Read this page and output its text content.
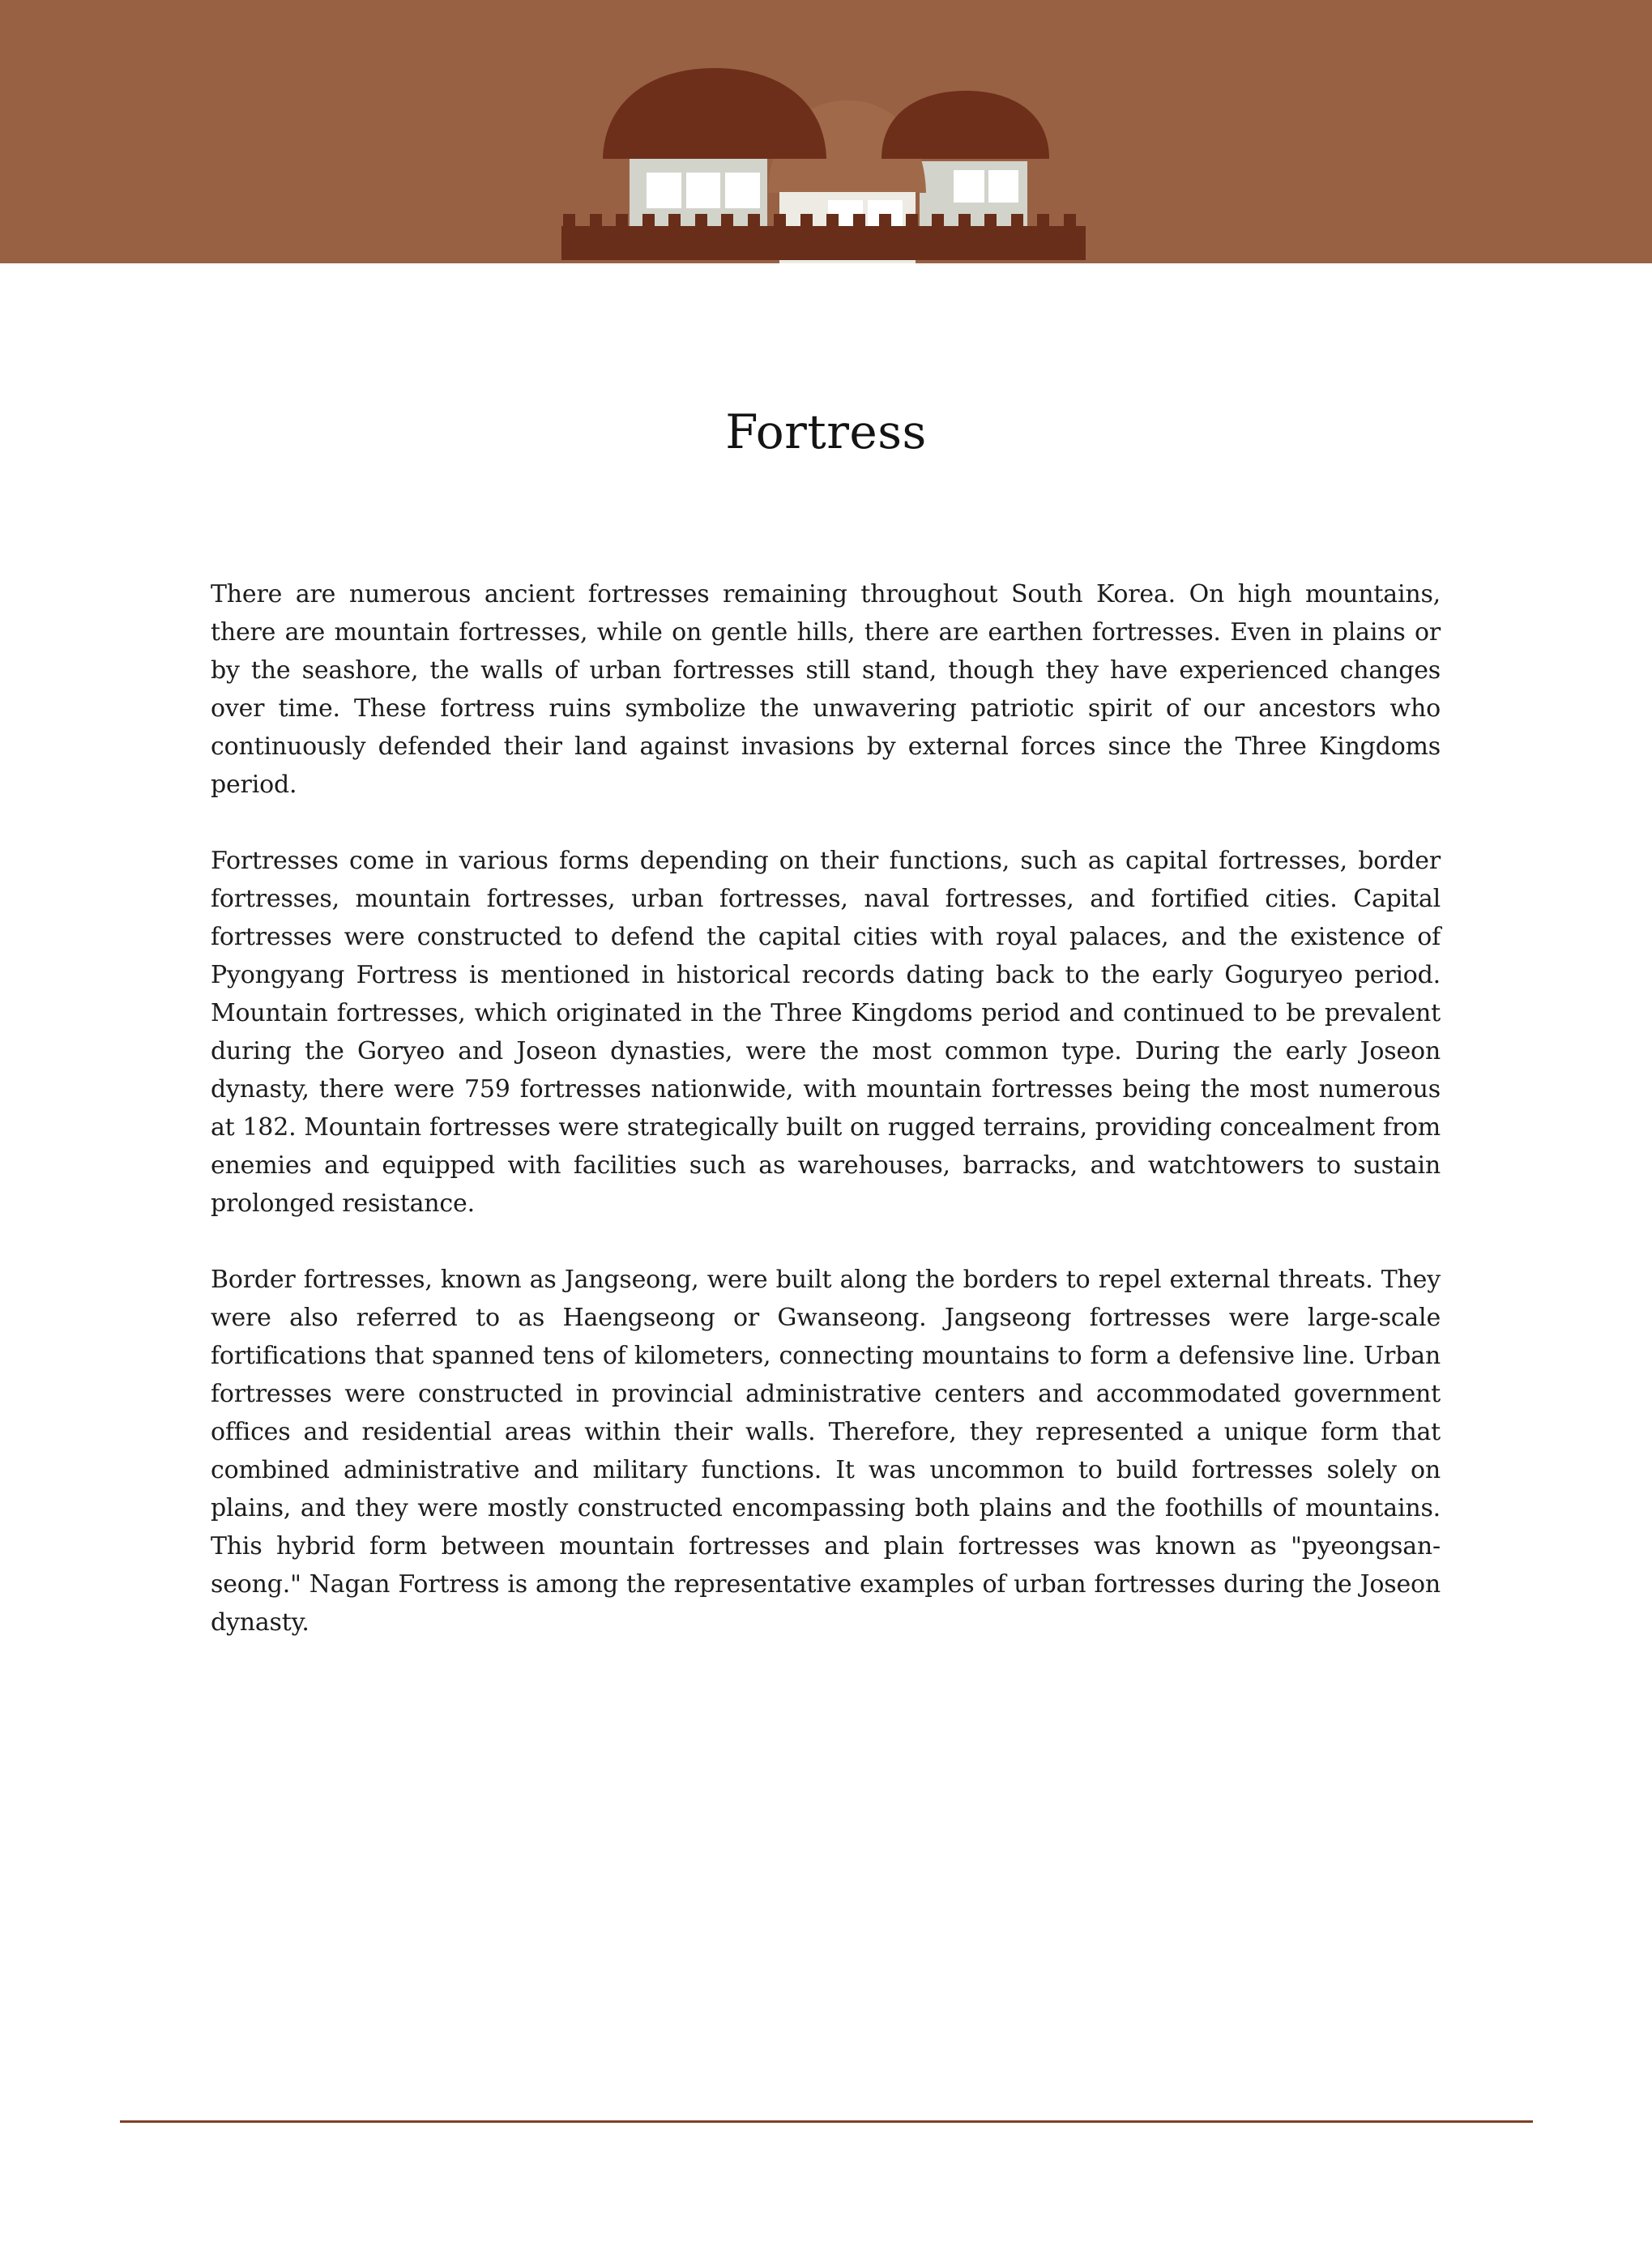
Fortress

There are numerous ancient fortresses remaining throughout South Korea. On high mountains, there are mountain fortresses, while on gentle hills, there are earthen fortresses. Even in plains or by the seashore, the walls of urban fortresses still stand, though they have experienced changes over time. These fortress ruins symbolize the unwavering patriotic spirit of our ancestors who continuously defended their land against invasions by external forces since the Three Kingdoms period.

Fortresses come in various forms depending on their functions, such as capital fortresses, border fortresses, mountain fortresses, urban fortresses, naval fortresses, and fortified cities. Capital fortresses were constructed to defend the capital cities with royal palaces, and the existence of Pyongyang Fortress is mentioned in historical records dating back to the early Goguryeo period. Mountain fortresses, which originated in the Three Kingdoms period and continued to be prevalent during the Goryeo and Joseon dynasties, were the most common type. During the early Joseon dynasty, there were 759 fortresses nationwide, with mountain fortresses being the most numerous at 182. Mountain fortresses were strategically built on rugged terrains, providing concealment from enemies and equipped with facilities such as warehouses, barracks, and watchtowers to sustain prolonged resistance.

Border fortresses, known as Jangseong, were built along the borders to repel external threats. They were also referred to as Haengseong or Gwanseong. Jangseong fortresses were large-scale fortifications that spanned tens of kilometers, connecting mountains to form a defensive line. Urban fortresses were constructed in provincial administrative centers and accommodated government offices and residential areas within their walls. Therefore, they represented a unique form that combined administrative and military functions. It was uncommon to build fortresses solely on plains, and they were mostly constructed encompassing both plains and the foothills of mountains. This hybrid form between mountain fortresses and plain fortresses was known as "pyeongsan-seong." Nagan Fortress is among the representative examples of urban fortresses during the Joseon dynasty.
